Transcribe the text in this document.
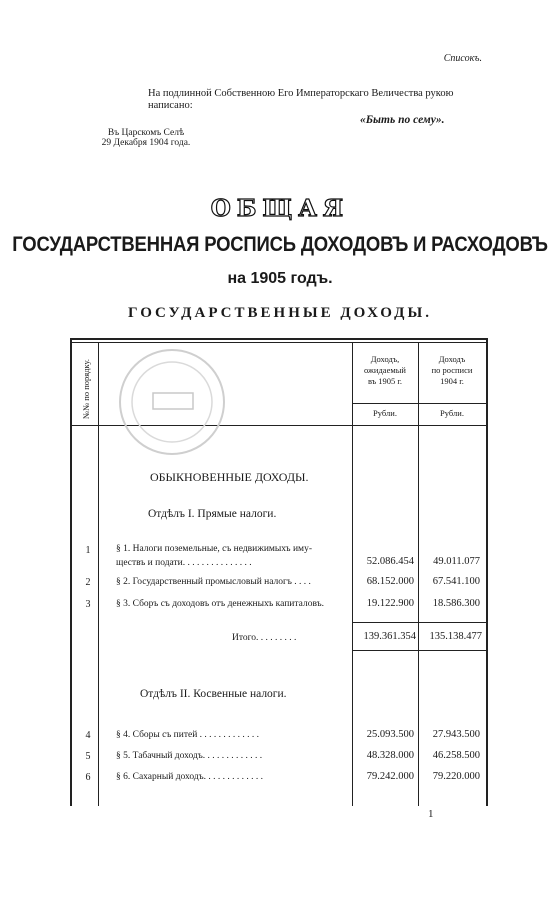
Списокъ.
На подлинной Собственною Его Императорскаго Величества рукою
написано:
Въ Царскомъ Селѣ
29 Декабря 1904 года.
«Быть по сему».
ОБЩАЯ
ГОСУДАРСТВЕННАЯ РОСПИСЬ ДОХОДОВЪ И РАСХОДОВЪ
на 1905 годъ.
ГОСУДАРСТВЕННЫЕ ДОХОДЫ.
№№ по порядку.	Доходъ,
ожидаемый
въ 1905 г.
Доходъ
по росписи
1904 г.
Рубли.	Рубли.
ОБЫКНОВЕННЫЕ ДОХОДЫ.
Отдѣлъ I. Прямые налоги.
1	§ 1. Налоги поземельные, съ недвижимыхъ иму-
ществъ и подати. . . . . . . . . . . . . . .	52.086.454	49.011.077
2	§ 2. Государственный промысловый налогъ . . . .	68.152.000	67.541.100
3	§ 3. Сборъ съ доходовъ отъ денежныхъ капиталовъ.	19.122.900	18.586.300
Итого. . . . . . . . .	139.361.354	135.138.477
Отдѣлъ II. Косвенные налоги.
4	§ 4. Сборы съ питей . . . . . . . . . . . . .	25.093.500	27.943.500
5	§ 5. Табачный доходъ. . . . . . . . . . . . .	48.328.000	46.258.500
6	§ 6. Сахарный доходъ. . . . . . . . . . . . .	79.242.000	79.220.000
1
